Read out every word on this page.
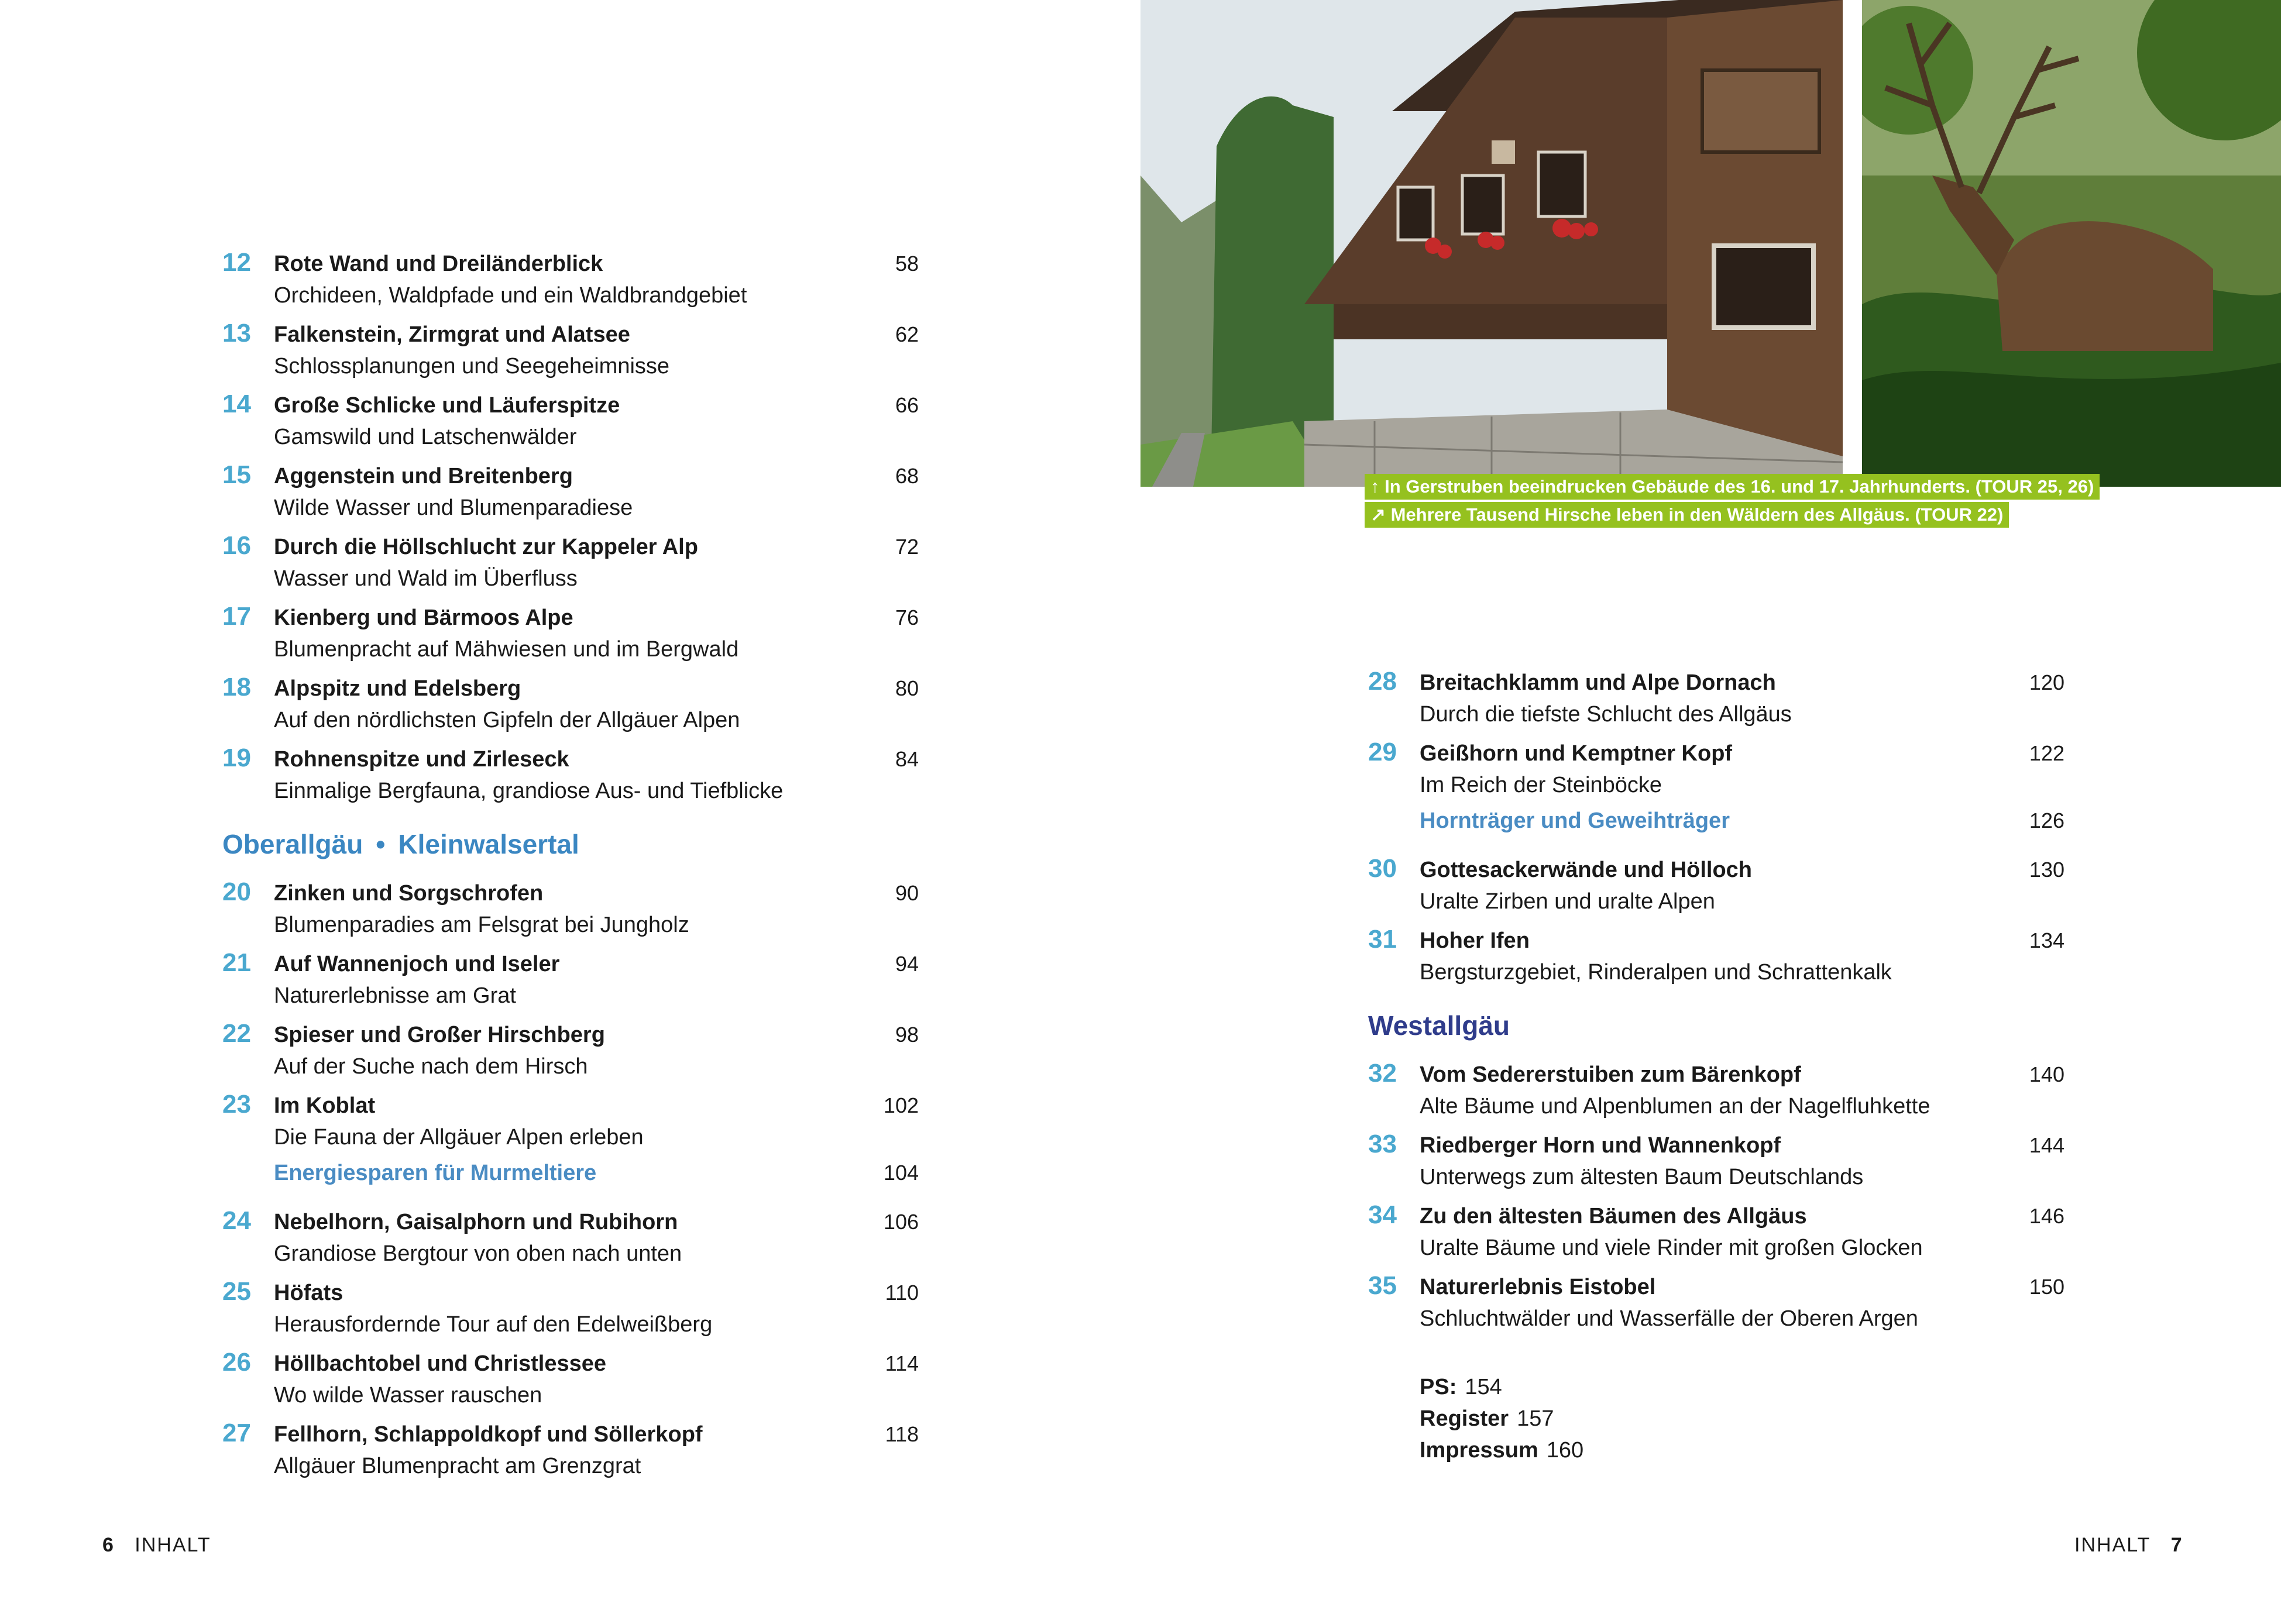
12 Rote Wand und Dreiländerblick
Orchideen, Waldpfade und ein Waldbrandgebiet
58
13 Falkenstein, Zirmgrat und Alatsee
Schlossplanungen und Seegeheimnisse
62
14 Große Schlicke und Läuferspitze
Gamswild und Latschenwälder
66
15 Aggenstein und Breitenberg
Wilde Wasser und Blumenparadiese
68
16 Durch die Höllschlucht zur Kappeler Alp
Wasser und Wald im Überfluss
72
17 Kienberg und Bärmoos Alpe
Blumenpracht auf Mähwiesen und im Bergwald
76
18 Alpspitz und Edelsberg
Auf den nördlichsten Gipfeln der Allgäuer Alpen
80
19 Rohnenspitze und Zirleseck
Einmalige Bergfauna, grandiose Aus- und Tiefblicke
84
Oberallgäu • Kleinwalsertal
20 Zinken und Sorgschrofen
Blumenparadies am Felsgrat bei Jungholz
90
21 Auf Wannenjoch und Iseler
Naturerlebnisse am Grat
94
22 Spieser und Großer Hirschberg
Auf der Suche nach dem Hirsch
98
23 Im Koblat
Die Fauna der Allgäuer Alpen erleben
102
Energiesparen für Murmeltiere	104
24 Nebelhorn, Gaisalphorn und Rubihorn
Grandiose Bergtour von oben nach unten
106
25 Höfats
Herausfordernde Tour auf den Edelweißberg
110
26 Höllbachtobel und Christlessee
Wo wilde Wasser rauschen
114
27 Fellhorn, Schlappoldkopf und Söllerkopf
Allgäuer Blumenpracht am Grenzgrat
118
6 INHALT
↑ In Gerstruben beeindrucken Gebäude des 16. und 17. Jahrhunderts. (TOUR 25, 26)
↗ Mehrere Tausend Hirsche leben in den Wäldern des Allgäus. (TOUR 22)
28 Breitachklamm und Alpe Dornach
Durch die tiefste Schlucht des Allgäus
120
29 Geißhorn und Kemptner Kopf
Im Reich der Steinböcke
122
Hornträger und Geweihträger	126
30 Gottesackerwände und Hölloch
Uralte Zirben und uralte Alpen
130
31 Hoher Ifen
Bergsturzgebiet, Rinderalpen und Schrattenkalk
134
Westallgäu
32 Vom Sedererstuiben zum Bärenkopf
Alte Bäume und Alpenblumen an der Nagelfluhkette
140
33 Riedberger Horn und Wannenkopf
Unterwegs zum ältesten Baum Deutschlands
144
34 Zu den ältesten Bäumen des Allgäus
Uralte Bäume und viele Rinder mit großen Glocken
146
35 Naturerlebnis Eistobel
Schluchtwälder und Wasserfälle der Oberen Argen
150
PS: 154
Register 157
Impressum 160
INHALT 7
